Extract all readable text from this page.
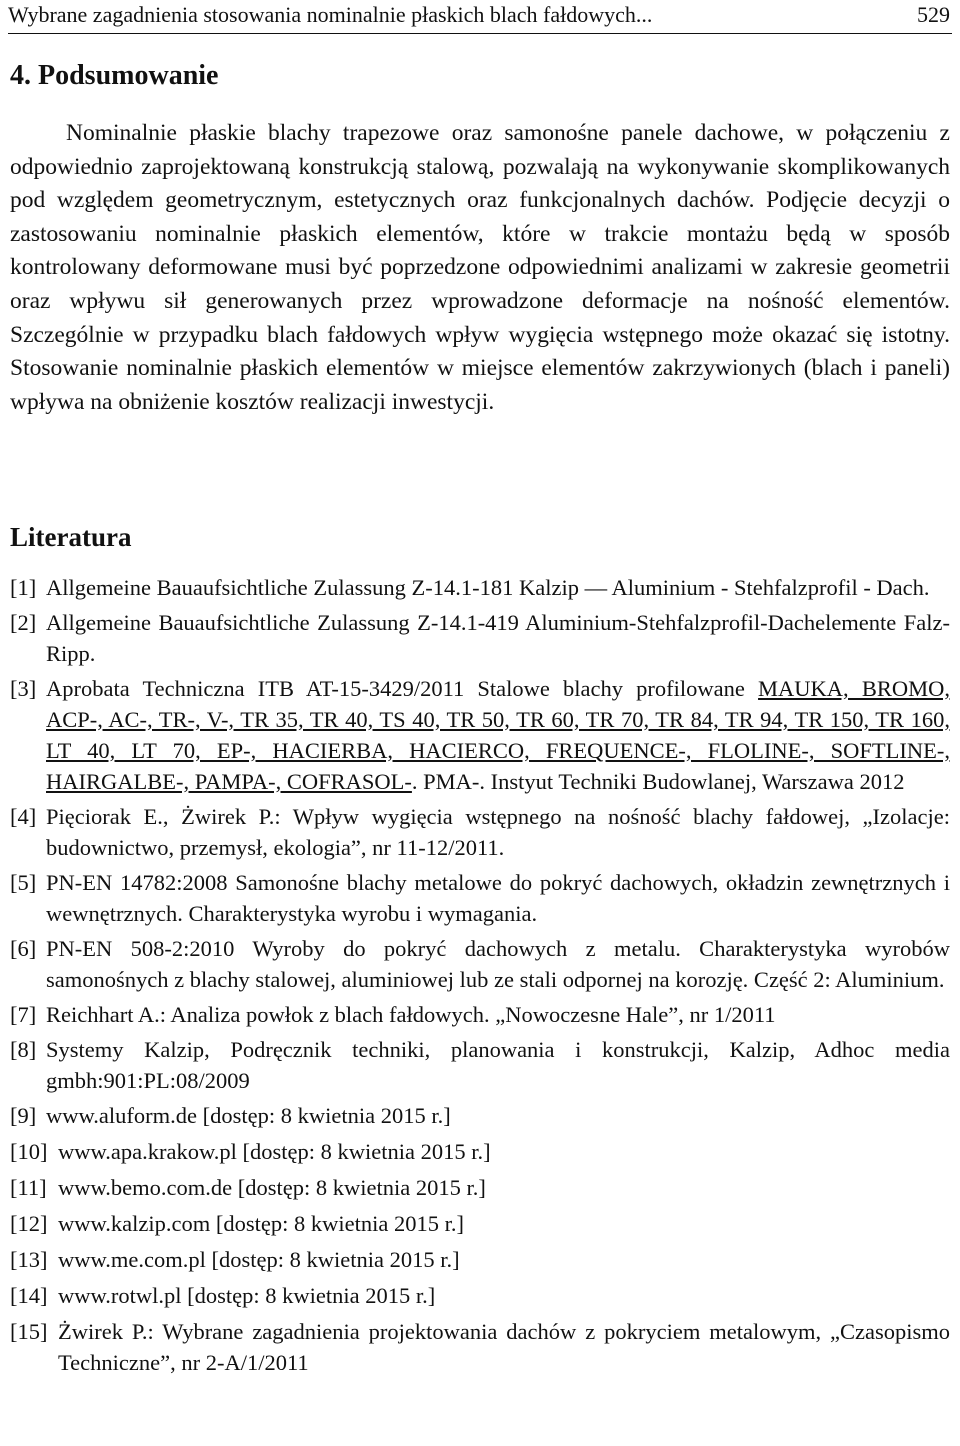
Wybrane zagadnienia stosowania nominalnie płaskich blach fałdowych...	529
4. Podsumowanie

Nominalnie płaskie blachy trapezowe oraz samonośne panele dachowe, w połączeniu z odpowiednio zaprojektowaną konstrukcją stalową, pozwalają na wykonywanie skomplikowanych pod względem geometrycznym, estetycznych oraz funkcjonalnych dachów. Podjęcie decyzji o zastosowaniu nominalnie płaskich elementów, które w trakcie montażu będą w sposób kontrolowany deformowane musi być poprzedzone odpowiednimi analizami w zakresie geometrii oraz wpływu sił generowanych przez wprowadzone deformacje na nośność elementów. Szczególnie w przypadku blach fałdowych wpływ wygięcia wstępnego może okazać się istotny. Stosowanie nominalnie płaskich elementów w miejsce elementów zakrzywionych (blach i paneli) wpływa na obniżenie kosztów realizacji inwestycji.

Literatura
[1] Allgemeine Bauaufsichtliche Zulassung Z-14.1-181 Kalzip — Aluminium - Stehfalzprofil - Dach.
[2] Allgemeine Bauaufsichtliche Zulassung Z-14.1-419 Aluminium-Stehfalzprofil-Dachelemente Falz-Ripp.
[3] Aprobata Techniczna ITB AT-15-3429/2011 Stalowe blachy profilowane MAUKA, BROMO, ACP-, AC-, TR-, V-, TR 35, TR 40, TS 40, TR 50, TR 60, TR 70, TR 84, TR 94, TR 150, TR 160, LT 40, LT 70, EP-, HACIERBA, HACIERCO, FREQUENCE-, FLOLINE-, SOFTLINE-, HAIRGALBE-, PAMPA-, COFRASOL-. PMA-. Instyut Techniki Budowlanej, Warszawa 2012
[4] Pięciorak E., Żwirek P.: Wpływ wygięcia wstępnego na nośność blachy fałdowej, „Izolacje: budownictwo, przemysł, ekologia”, nr 11-12/2011.
[5] PN-EN 14782:2008 Samonośne blachy metalowe do pokryć dachowych, okładzin zewnętrznych i wewnętrznych. Charakterystyka wyrobu i wymagania.
[6] PN-EN 508-2:2010 Wyroby do pokryć dachowych z metalu. Charakterystyka wyrobów samonośnych z blachy stalowej, aluminiowej lub ze stali odpornej na korozję. Część 2: Aluminium.
[7] Reichhart A.: Analiza powłok z blach fałdowych. „Nowoczesne Hale”, nr 1/2011
[8] Systemy Kalzip, Podręcznik techniki, planowania i konstrukcji, Kalzip, Adhoc media gmbh:901:PL:08/2009
[9] www.aluform.de [dostęp: 8 kwietnia 2015 r.]
[10] www.apa.krakow.pl [dostęp: 8 kwietnia 2015 r.]
[11] www.bemo.com.de [dostęp: 8 kwietnia 2015 r.]
[12] www.kalzip.com [dostęp: 8 kwietnia 2015 r.]
[13] www.me.com.pl [dostęp: 8 kwietnia 2015 r.]
[14] www.rotwl.pl [dostęp: 8 kwietnia 2015 r.]
[15] Żwirek P.: Wybrane zagadnienia projektowania dachów z pokryciem metalowym, „Czasopismo Techniczne”, nr 2-A/1/2011
